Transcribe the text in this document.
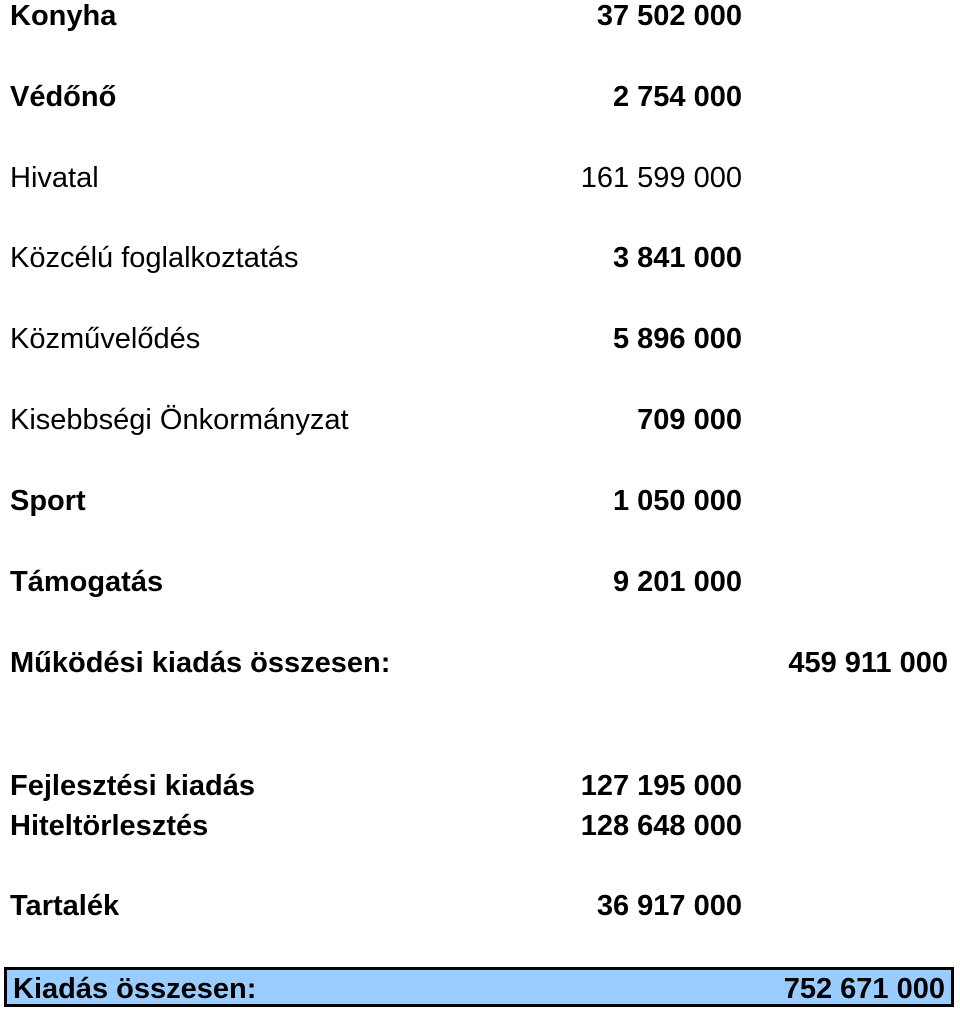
Konyha	37 502 000
Védőnő	2 754 000
Hivatal	161 599 000
Közcélú foglalkoztatás	3 841 000
Közművelődés	5 896 000
Kisebbségi Önkormányzat	709 000
Sport	1 050 000
Támogatás	9 201 000
Működési kiadás összesen:	459 911 000
Fejlesztési kiadás	127 195 000
Hiteltörlesztés	128 648 000
Tartalék	36 917 000
Kiadás összesen:	752 671 000
